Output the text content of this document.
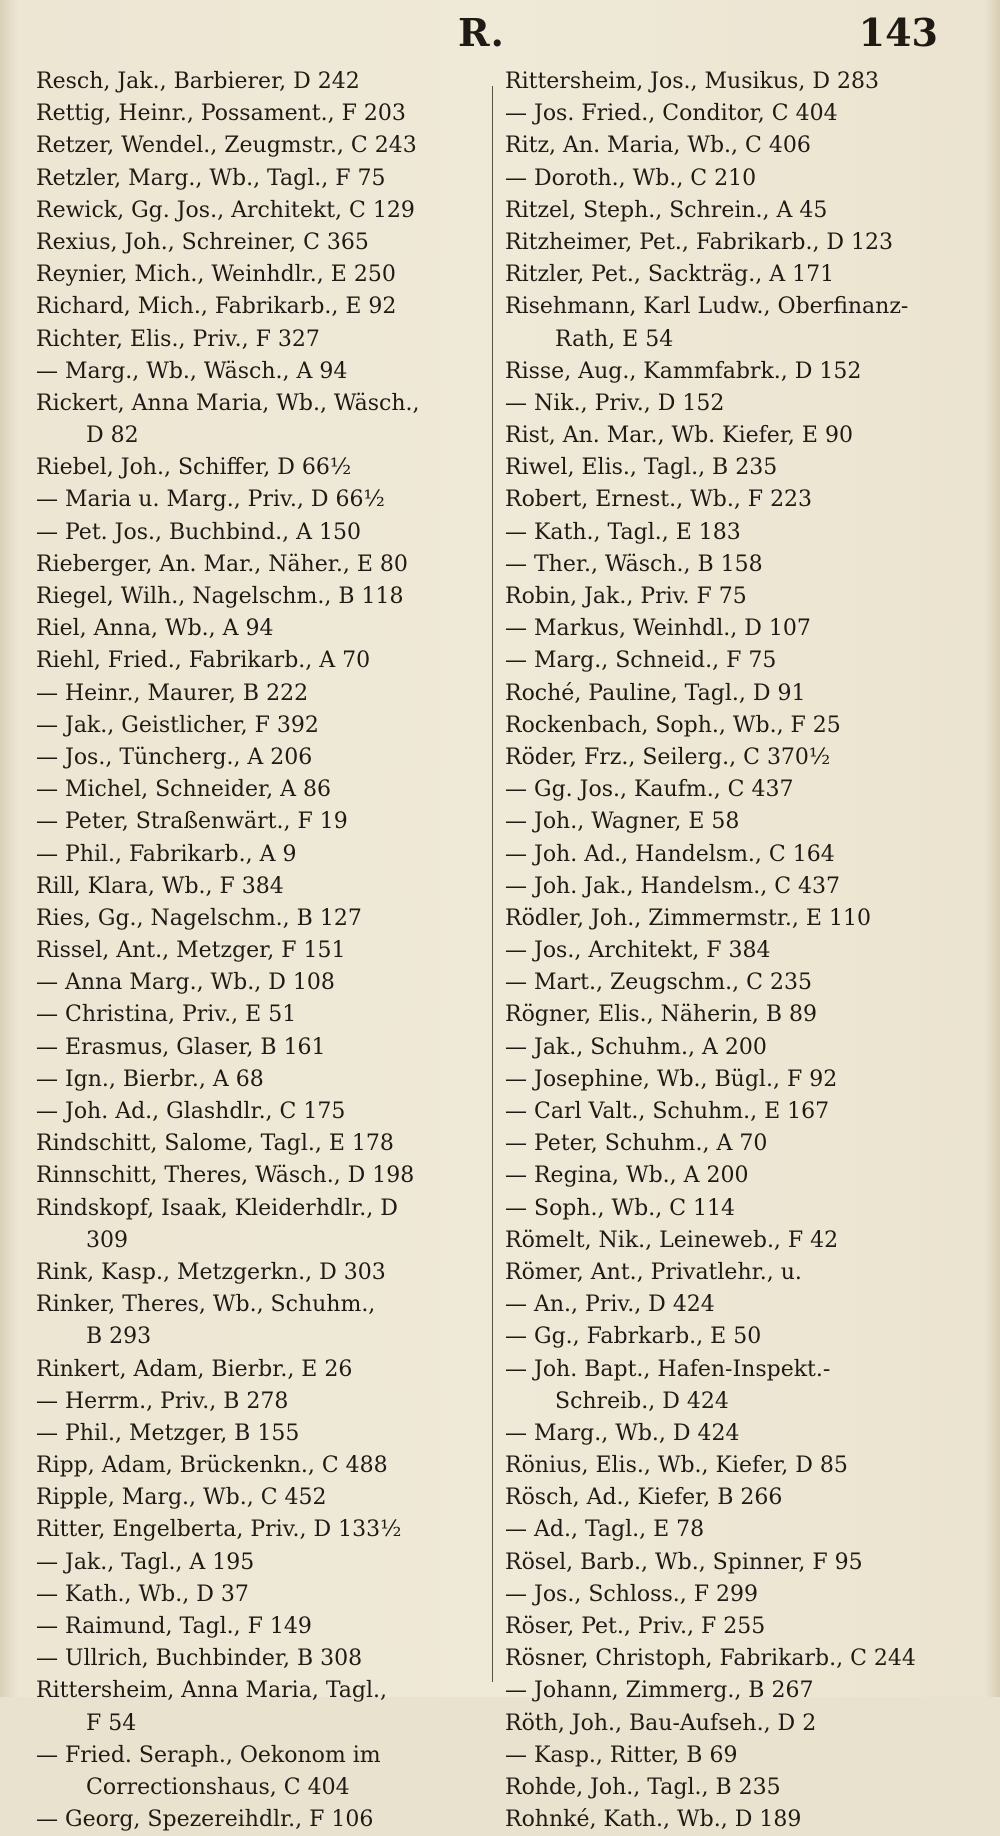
R.	143
Resch, Jak., Barbierer, D 242
Rettig, Heinr., Possament., F 203
Retzer, Wendel., Zeugmstr., C 243
Retzler, Marg., Wb., Tagl., F 75
Rewick, Gg. Jos., Architekt, C 129
Rexius, Joh., Schreiner, C 365
Reynier, Mich., Weinhdlr., E 250
Richard, Mich., Fabrikarb., E 92
Richter, Elis., Priv., F 327
— Marg., Wb., Wäsch., A 94
Rickert, Anna Maria, Wb., Wäsch.,
D 82
Riebel, Joh., Schiffer, D 66½
— Maria u. Marg., Priv., D 66½
— Pet. Jos., Buchbind., A 150
Rieberger, An. Mar., Näher., E 80
Riegel, Wilh., Nagelschm., B 118
Riel, Anna, Wb., A 94
Riehl, Fried., Fabrikarb., A 70
— Heinr., Maurer, B 222
— Jak., Geistlicher, F 392
— Jos., Tüncherg., A 206
— Michel, Schneider, A 86
— Peter, Straßenwärt., F 19
— Phil., Fabrikarb., A 9
Rill, Klara, Wb., F 384
Ries, Gg., Nagelschm., B 127
Rissel, Ant., Metzger, F 151
— Anna Marg., Wb., D 108
— Christina, Priv., E 51
— Erasmus, Glaser, B 161
— Ign., Bierbr., A 68
— Joh. Ad., Glashdlr., C 175
Rindschitt, Salome, Tagl., E 178
Rinnschitt, Theres, Wäsch., D 198
Rindskopf, Isaak, Kleiderhdlr., D
309
Rink, Kasp., Metzgerkn., D 303
Rinker, Theres, Wb., Schuhm.,
B 293
Rinkert, Adam, Bierbr., E 26
— Herrm., Priv., B 278
— Phil., Metzger, B 155
Ripp, Adam, Brückenkn., C 488
Ripple, Marg., Wb., C 452
Ritter, Engelberta, Priv., D 133½
— Jak., Tagl., A 195
— Kath., Wb., D 37
— Raimund, Tagl., F 149
— Ullrich, Buchbinder, B 308
Rittersheim, Anna Maria, Tagl.,
F 54
— Fried. Seraph., Oekonom im
Correctionshaus, C 404
— Georg, Spezereihdlr., F 106
Rittersheim, Jos., Musikus, D 283
— Jos. Fried., Conditor, C 404
Ritz, An. Maria, Wb., C 406
— Doroth., Wb., C 210
Ritzel, Steph., Schrein., A 45
Ritzheimer, Pet., Fabrikarb., D 123
Ritzler, Pet., Sackträg., A 171
Risehmann, Karl Ludw., Oberfinanz-
Rath, E 54
Risse, Aug., Kammfabrk., D 152
— Nik., Priv., D 152
Rist, An. Mar., Wb. Kiefer, E 90
Riwel, Elis., Tagl., B 235
Robert, Ernest., Wb., F 223
— Kath., Tagl., E 183
— Ther., Wäsch., B 158
Robin, Jak., Priv. F 75
— Markus, Weinhdl., D 107
— Marg., Schneid., F 75
Roché, Pauline, Tagl., D 91
Rockenbach, Soph., Wb., F 25
Röder, Frz., Seilerg., C 370½
— Gg. Jos., Kaufm., C 437
— Joh., Wagner, E 58
— Joh. Ad., Handelsm., C 164
— Joh. Jak., Handelsm., C 437
Rödler, Joh., Zimmermstr., E 110
— Jos., Architekt, F 384
— Mart., Zeugschm., C 235
Rögner, Elis., Näherin, B 89
— Jak., Schuhm., A 200
— Josephine, Wb., Bügl., F 92
— Carl Valt., Schuhm., E 167
— Peter, Schuhm., A 70
— Regina, Wb., A 200
— Soph., Wb., C 114
Römelt, Nik., Leineweb., F 42
Römer, Ant., Privatlehr., u.
— An., Priv., D 424
— Gg., Fabrkarb., E 50
— Joh. Bapt., Hafen-Inspekt.-
Schreib., D 424
— Marg., Wb., D 424
Rönius, Elis., Wb., Kiefer, D 85
Rösch, Ad., Kiefer, B 266
— Ad., Tagl., E 78
Rösel, Barb., Wb., Spinner, F 95
— Jos., Schloss., F 299
Röser, Pet., Priv., F 255
Rösner, Christoph, Fabrikarb., C 244
— Johann, Zimmerg., B 267
Röth, Joh., Bau-Aufseh., D 2
— Kasp., Ritter, B 69
Rohde, Joh., Tagl., B 235
Rohnké, Kath., Wb., D 189
